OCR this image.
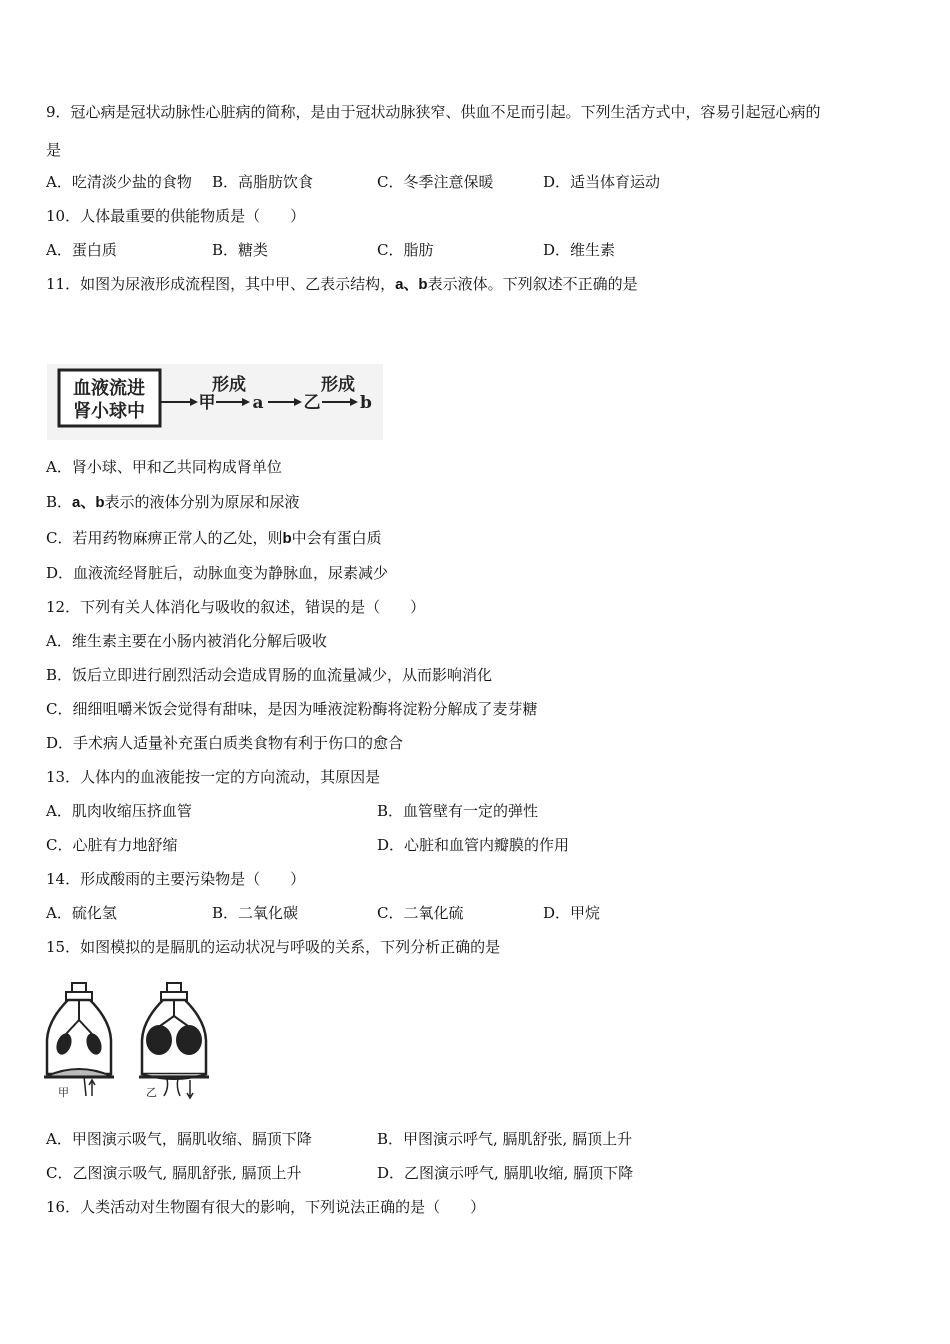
9．冠心病是冠状动脉性心脏病的简称，是由于冠状动脉狭窄、供血不足而引起。下列生活方式中，容易引起冠心病的
是
A．吃清淡少盐的食物 B．高脂肪饮食	C．冬季注意保暖	D．适当体育运动
10．人体最重要的供能物质是（　　）
A．蛋白质	B．糖类	C．脂肪	D．维生素
11．如图为尿液形成流程图，其中甲、乙表示结构，a、b表示液体。下列叙述不正确的是
血液流进
肾小球中
形成	形成
甲 a 乙 b
A．肾小球、甲和乙共同构成肾单位
B．a、b表示的液体分别为原尿和尿液
C．若用药物麻痹正常人的乙处，则b中会有蛋白质
D．血液流经肾脏后，动脉血变为静脉血，尿素减少
12．下列有关人体消化与吸收的叙述，错误的是（　　）
A．维生素主要在小肠内被消化分解后吸收
B．饭后立即进行剧烈活动会造成胃肠的血流量减少，从而影响消化
C．细细咀嚼米饭会觉得有甜味，是因为唾液淀粉酶将淀粉分解成了麦芽糖
D．手术病人适量补充蛋白质类食物有利于伤口的愈合
13．人体内的血液能按一定的方向流动，其原因是
A．肌肉收缩压挤血管	B．血管壁有一定的弹性
C．心脏有力地舒缩	D．心脏和血管内瓣膜的作用
14．形成酸雨的主要污染物是（　　）
A．硫化氢	B．二氧化碳	C．二氧化硫	D．甲烷
15．如图模拟的是膈肌的运动状况与呼吸的关系，下列分析正确的是
甲	乙
A．甲图演示吸气，膈肌收缩、膈顶下降	B．甲图演示呼气, 膈肌舒张, 膈顶上升
C．乙图演示吸气, 膈肌舒张, 膈顶上升	D．乙图演示呼气, 膈肌收缩, 膈顶下降
16．人类活动对生物圈有很大的影响，下列说法正确的是（　　）
